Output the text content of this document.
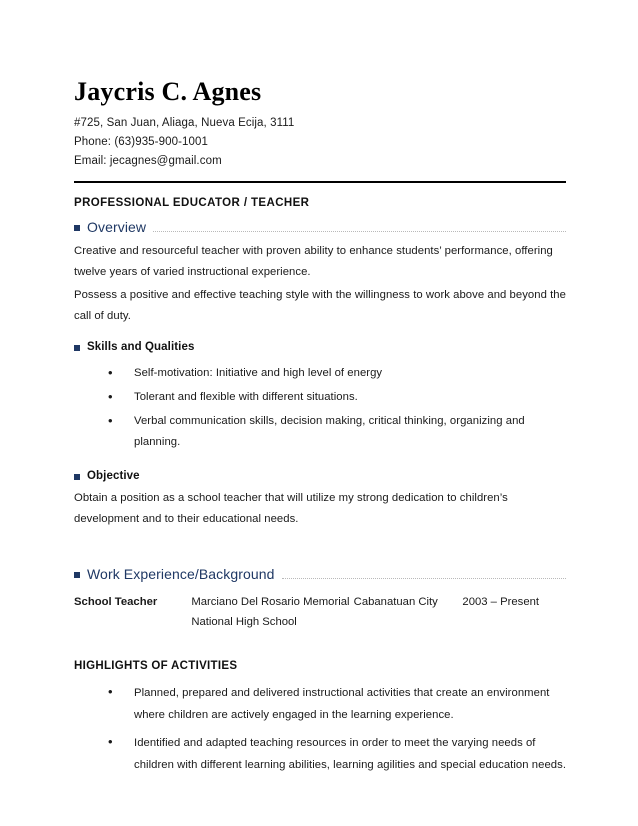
Jaycris C. Agnes
#725, San Juan, Aliaga, Nueva Ecija, 3111
Phone: (63)935-900-1001
Email: jecagnes@gmail.com
PROFESSIONAL EDUCATOR / TEACHER
Overview

Creative and resourceful teacher with proven ability to enhance students’ performance, offering twelve years of varied instructional experience.

Possess a positive and effective teaching style with the willingness to work above and beyond the call of duty.

Skills and Qualities
• Self-motivation: Initiative and high level of energy
• Tolerant and flexible with different situations.
• Verbal communication skills, decision making, critical thinking, organizing and planning.
Objective

Obtain a position as a school teacher that will utilize my strong dedication to children’s development and to their educational needs.

Work Experience/Background
School Teacher	Marciano Del Rosario Memorial	Cabanatuan City	2003 – Present
	National High School		
HIGHLIGHTS OF ACTIVITIES
• Planned, prepared and delivered instructional activities that create an environment where children are actively engaged in the learning experience.
• Identified and adapted teaching resources in order to meet the varying needs of children with different learning abilities, learning agilities and special education needs.
